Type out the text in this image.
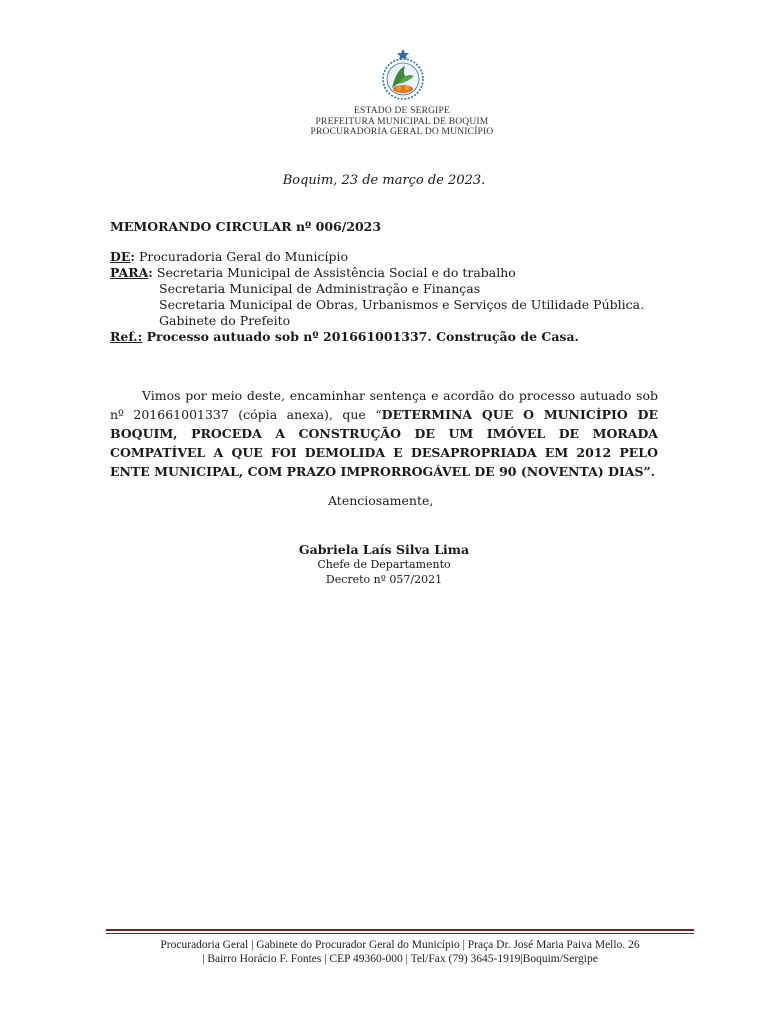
ESTADO DE SERGIPE
PREFEITURA MUNICIPAL DE BOQUIM
PROCURADORIA GERAL DO MUNICÍPIO
Boquim, 23 de março de 2023.
MEMORANDO CIRCULAR nº 006/2023
DE: Procuradoria Geral do Município
PARA: Secretaria Municipal de Assistência Social e do trabalho
Secretaria Municipal de Administração e Finanças
Secretaria Municipal de Obras, Urbanismos e Serviços de Utilidade Pública.
Gabinete do Prefeito
Ref.: Processo autuado sob nº 201661001337. Construção de Casa.
Vimos por meio deste, encaminhar sentença e acordão do processo autuado sob nº 201661001337 (cópia anexa), que “DETERMINA QUE O MUNICÍPIO DE BOQUIM, PROCEDA A CONSTRUÇÃO DE UM IMÓVEL DE MORADA COMPATÍVEL A QUE FOI DEMOLIDA E DESAPROPRIADA EM 2012 PELO ENTE MUNICIPAL, COM PRAZO IMPRORROGÁVEL DE 90 (NOVENTA) DIAS”.
Atenciosamente,
Gabriela Laís Silva Lima
Chefe de Departamento
Decreto nº 057/2021
Procuradoria Geral | Gabinete do Procurador Geral do Município | Praça Dr. José Maria Paiva Mello. 26
| Bairro Horácio F. Fontes | CEP 49360-000 | Tel/Fax (79) 3645-1919|Boquim/Sergipe
